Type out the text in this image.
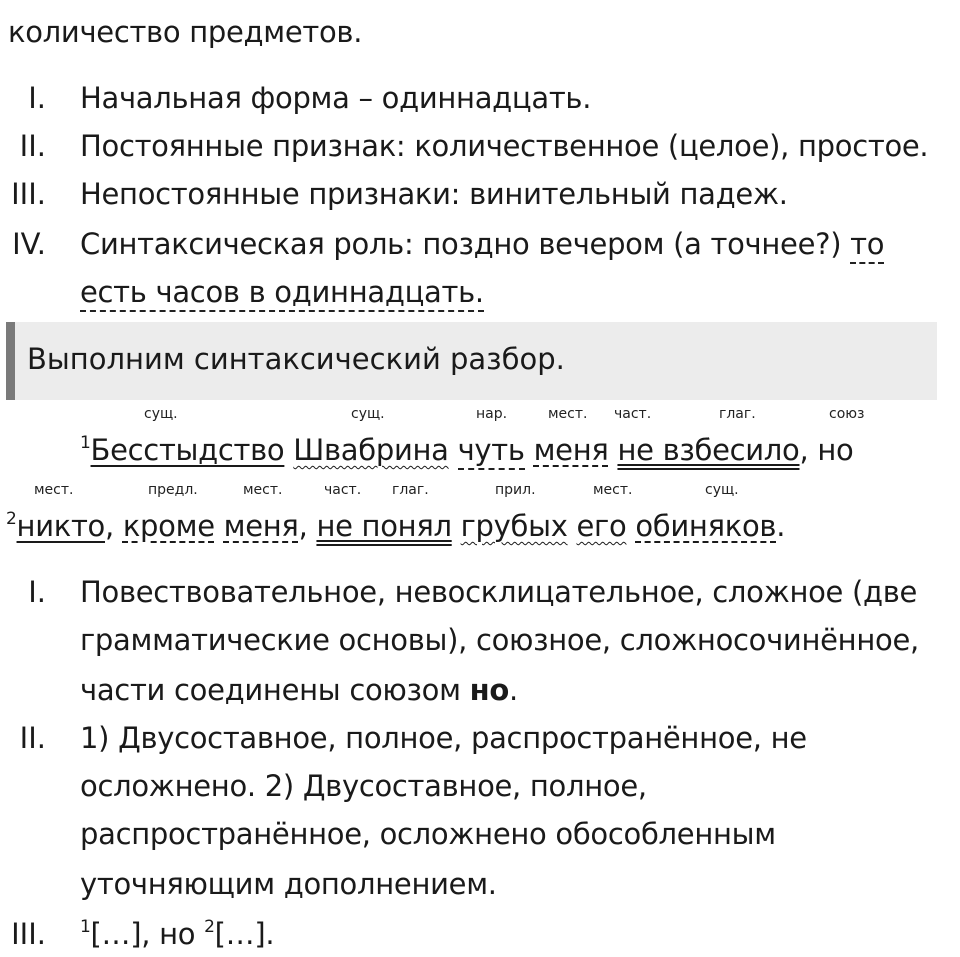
количество предметов.
I. Начальная форма – одиннадцать.
II. Постоянные признак: количественное (целое), простое.
III. Непостоянные признаки: винительный падеж.
IV. Синтаксическая роль: поздно вечером (а точнее?) то
есть часов в одиннадцать.
Выполним синтаксический разбор.
сущ.	сущ.	нар.	мест. част.	глаг.	союз
$^1$Бесстыдство Швабрина чуть меня не взбесило, но
мест.	предл.	мест.	част. глаг.	прил.	мест.	сущ.
$^2$никто, кроме меня, не понял грубых его обиняков.
I. Повествовательное, невосклицательное, сложное (две
грамматические основы), союзное, сложносочинённое,
части соединены союзом но.
II. 1) Двусоставное, полное, распространённое, не
осложнено. 2) Двусоставное, полное,
распространённое, осложнено обособленным
уточняющим дополнением.
III. $^1$[…], но $^2$[…].
